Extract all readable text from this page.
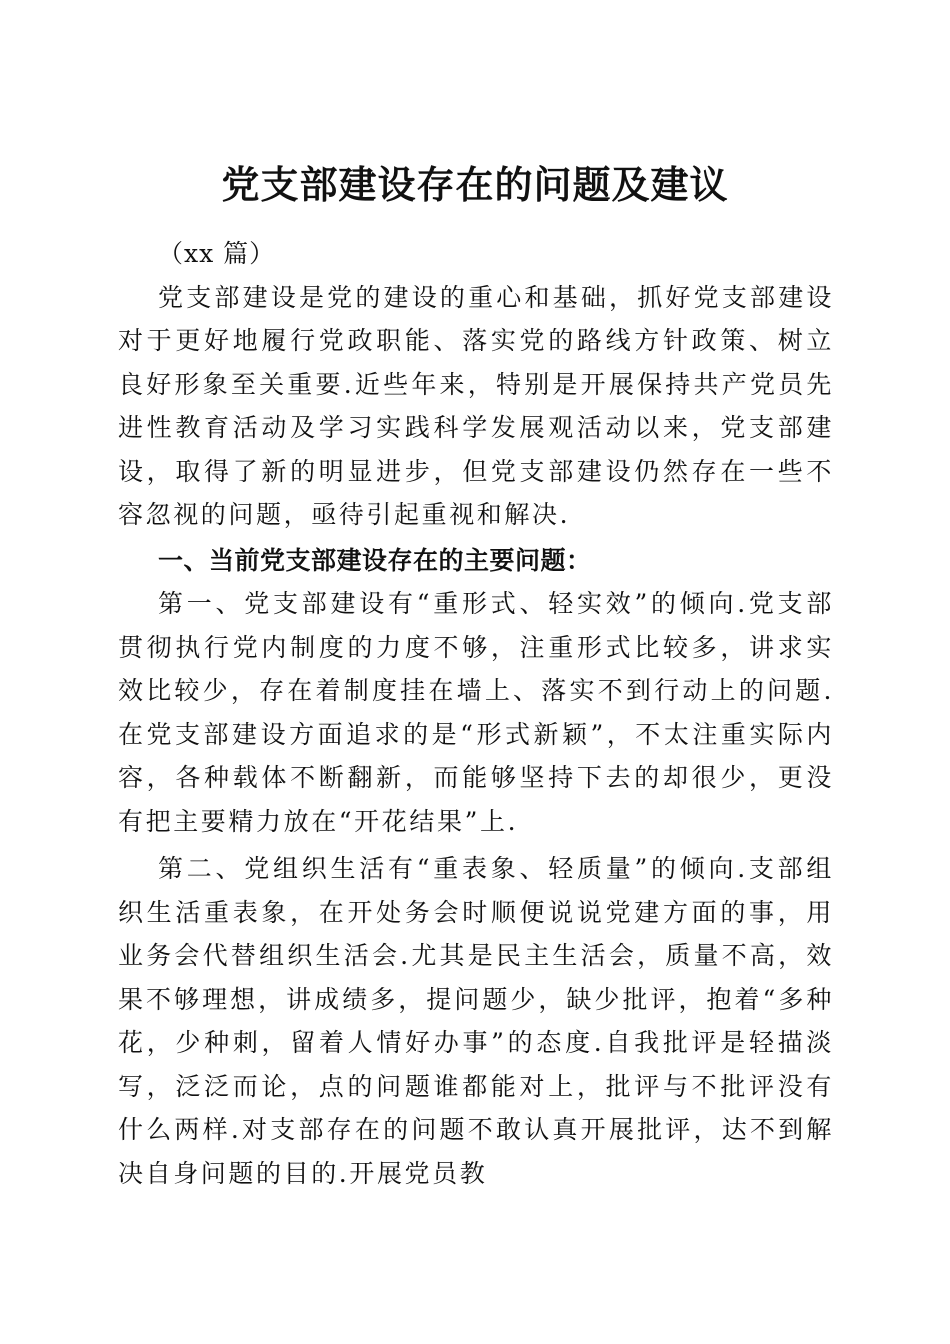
党支部建设存在的问题及建议

（xx 篇）

党支部建设是党的建设的重心和基础，抓好党支部建设对于更好地履行党政职能、落实党的路线方针政策、树立良好形象至关重要.近些年来，特别是开展保持共产党员先进性教育活动及学习实践科学发展观活动以来，党支部建设，取得了新的明显进步，但党支部建设仍然存在一些不容忽视的问题，亟待引起重视和解决.

一、当前党支部建设存在的主要问题：

第一、党支部建设有“重形式、轻实效”的倾向.党支部贯彻执行党内制度的力度不够，注重形式比较多，讲求实效比较少，存在着制度挂在墙上、落实不到行动上的问题.在党支部建设方面追求的是“形式新颖”，不太注重实际内容，各种载体不断翻新，而能够坚持下去的却很少，更没有把主要精力放在“开花结果”上.

第二、党组织生活有“重表象、轻质量”的倾向.支部组织生活重表象，在开处务会时顺便说说党建方面的事，用业务会代替组织生活会.尤其是民主生活会，质量不高，效果不够理想，讲成绩多，提问题少，缺少批评，抱着“多种花，少种刺，留着人情好办事”的态度.自我批评是轻描淡写，泛泛而论，点的问题谁都能对上，批评与不批评没有什么两样.对支部存在的问题不敢认真开展批评，达不到解决自身问题的目的.开展党员教
